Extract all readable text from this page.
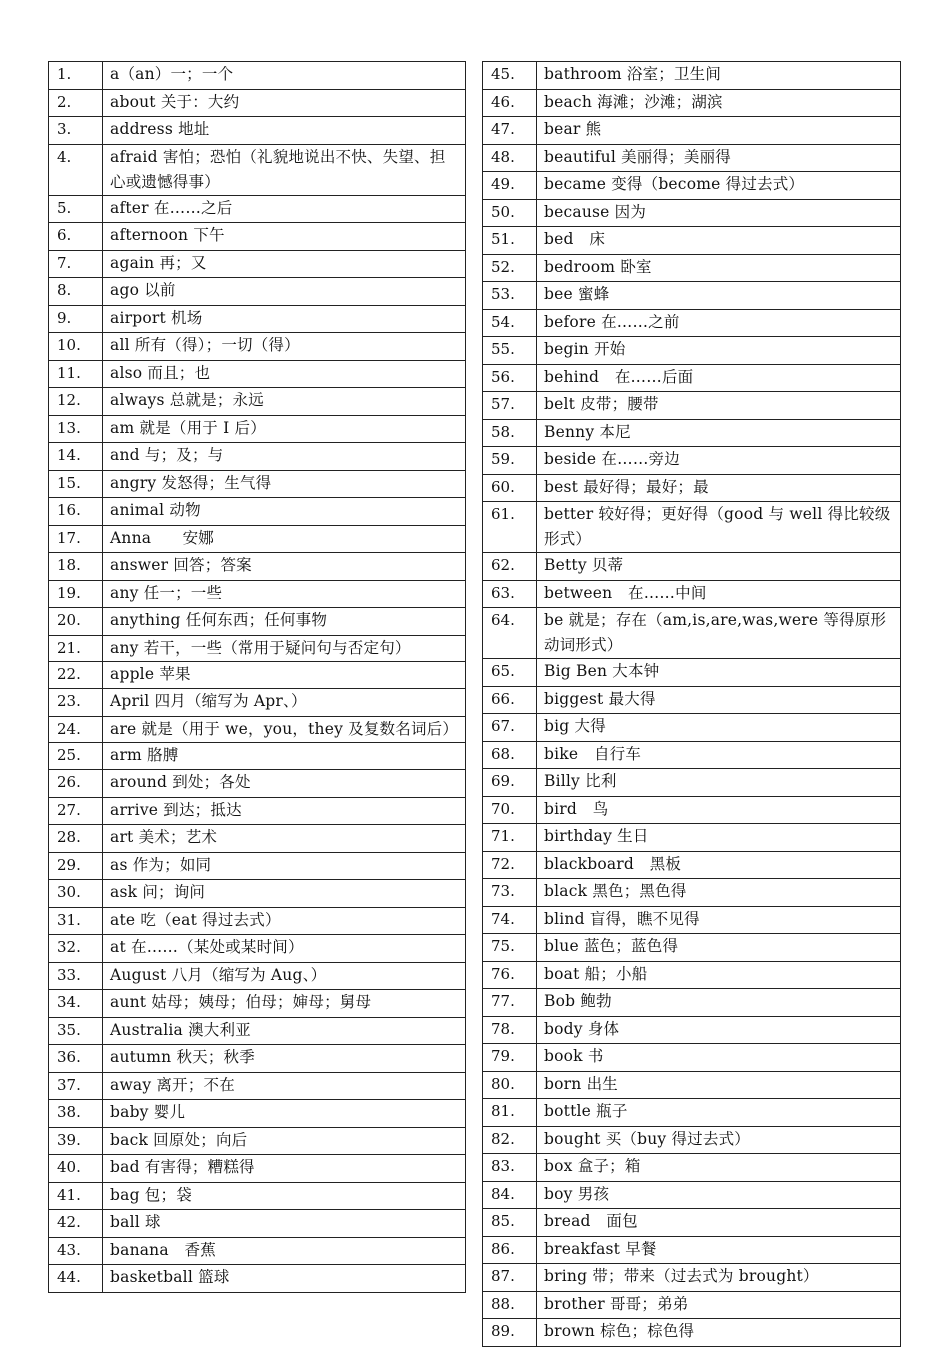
1.	a（an）一；一个
2.	about 关于：大约
3.	address 地址
4.	afraid 害怕；恐怕（礼貌地说出不快、失望、担心或遗憾得事）
5.	after 在……之后
6.	afternoon 下午
7.	again 再；又
8.	ago 以前
9.	airport 机场
10.	all 所有（得）；一切（得）
11.	also 而且；也
12.	always 总就是；永远
13.	am 就是（用于 I 后）
14.	and 与；及；与
15.	angry 发怒得；生气得
16.	animal 动物
17.	Anna　　安娜
18.	answer 回答；答案
19.	any 任一；一些
20.	anything 任何东西；任何事物
21.	any 若干，一些（常用于疑问句与否定句）
22.	apple 苹果
23.	April 四月（缩写为 Apr、）
24.	are 就是（用于 we，you，they 及复数名词后）
25.	arm 胳膊
26.	around 到处；各处
27.	arrive 到达；抵达
28.	art 美术；艺术
29.	as 作为；如同
30.	ask 问；询问
31.	ate 吃（eat 得过去式）
32.	at 在……（某处或某时间）
33.	August 八月（缩写为 Aug、）
34.	aunt 姑母；姨母；伯母；婶母；舅母
35.	Australia 澳大利亚
36.	autumn 秋天；秋季
37.	away 离开；不在
38.	baby 婴儿
39.	back 回原处；向后
40.	bad 有害得；糟糕得
41.	bag 包；袋
42.	ball 球
43.	banana　香蕉
44.	basketball 篮球
45.	bathroom 浴室；卫生间
46.	beach 海滩；沙滩；湖滨
47.	bear 熊
48.	beautiful 美丽得；美丽得
49.	became 变得（become 得过去式）
50.	because 因为
51.	bed　床
52.	bedroom 卧室
53.	bee 蜜蜂
54.	before 在……之前
55.	begin 开始
56.	behind　在……后面
57.	belt 皮带；腰带
58.	Benny 本尼
59.	beside 在……旁边
60.	best 最好得；最好；最
61.	better 较好得；更好得（good 与 well 得比较级形式）
62.	Betty 贝蒂
63.	between　在……中间
64.	be 就是；存在（am,is,are,was,were 等得原形动词形式）
65.	Big Ben 大本钟
66.	biggest 最大得
67.	big 大得
68.	bike　自行车
69.	Billy 比利
70.	bird　鸟
71.	birthday 生日
72.	blackboard　黑板
73.	black 黑色；黑色得
74.	blind 盲得，瞧不见得
75.	blue 蓝色；蓝色得
76.	boat 船；小船
77.	Bob 鲍勃
78.	body 身体
79.	book 书
80.	born 出生
81.	bottle 瓶子
82.	bought 买（buy 得过去式）
83.	box 盒子；箱
84.	boy 男孩
85.	bread　面包
86.	breakfast 早餐
87.	bring 带；带来（过去式为 brought）
88.	brother 哥哥；弟弟
89.	brown 棕色；棕色得
